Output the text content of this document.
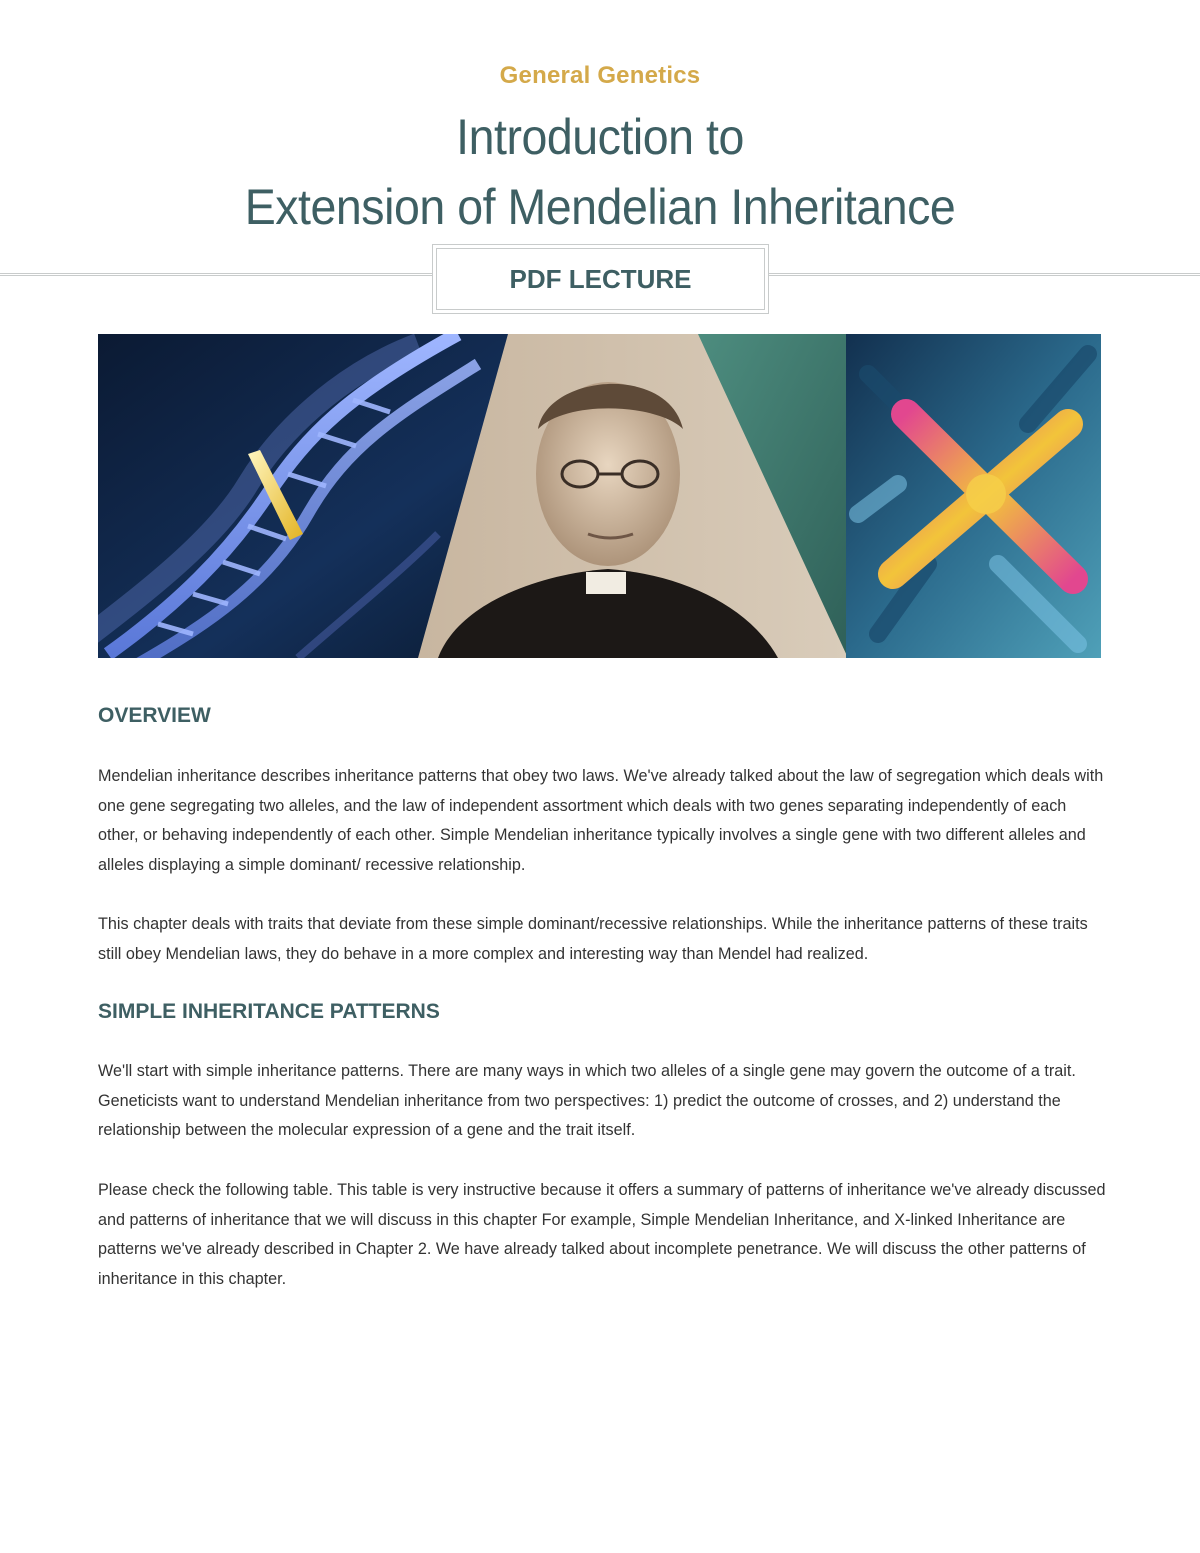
General Genetics
Introduction to
Extension of Mendelian Inheritance
PDF LECTURE
OVERVIEW

Mendelian inheritance describes inheritance patterns that obey two laws. We've already talked about the law of segregation which deals with one gene segregating two alleles, and the law of independent assortment which deals with two genes separating independently of each other, or behaving independently of each other. Simple Mendelian inheritance typically involves a single gene with two different alleles and alleles displaying a simple dominant/ recessive relationship.

This chapter deals with traits that deviate from these simple dominant/recessive relationships. While the inheritance patterns of these traits still obey Mendelian laws, they do behave in a more complex and interesting way than Mendel had realized.

SIMPLE INHERITANCE PATTERNS

We'll start with simple inheritance patterns. There are many ways in which two alleles of a single gene may govern the outcome of a trait. Geneticists want to understand Mendelian inheritance from two perspectives: 1) predict the outcome of crosses, and 2) understand the relationship between the molecular expression of a gene and the trait itself.

Please check the following table. This table is very instructive because it offers a summary of patterns of inheritance we've already discussed and patterns of inheritance that we will discuss in this chapter For example, Simple Mendelian Inheritance, and X-linked Inheritance are patterns we've already described in Chapter 2. We have already talked about incomplete penetrance. We will discuss the other patterns of inheritance in this chapter.
